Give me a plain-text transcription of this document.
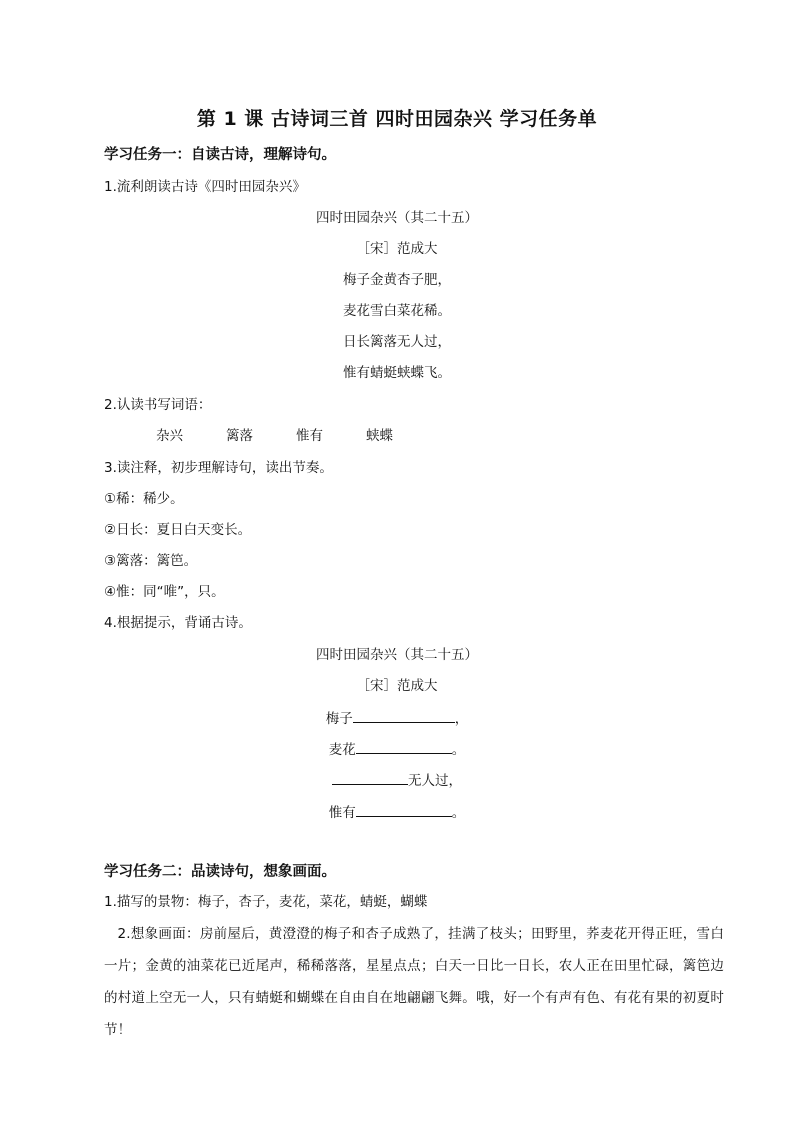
第 1 课 古诗词三首 四时田园杂兴 学习任务单
学习任务一：自读古诗，理解诗句。
1.流利朗读古诗《四时田园杂兴》
四时田园杂兴（其二十五）
［宋］范成大
梅子金黄杏子肥，
麦花雪白菜花稀。
日长篱落无人过，
惟有蜻蜓蛱蝶飞。
2.认读书写词语：
杂兴	篱落	惟有	蛱蝶
3.读注释，初步理解诗句，读出节奏。
①稀：稀少。
②日长：夏日白天变长。
③篱落：篱笆。
④惟：同“唯”，只。
4.根据提示，背诵古诗。
四时田园杂兴（其二十五）
［宋］范成大
梅子	，
麦花	。
无人过，
惟有	。
学习任务二：品读诗句，想象画面。
1.描写的景物：梅子，杏子，麦花，菜花，蜻蜓，蝴蝶
2.想象画面：房前屋后，黄澄澄的梅子和杏子成熟了，挂满了枝头；田野里，荞麦花开得正旺，雪白一片；金黄的油菜花已近尾声，稀稀落落，星星点点；白天一日比一日长，农人正在田里忙碌，篱笆边的村道上空无一人，只有蜻蜓和蝴蝶在自由自在地翩翩飞舞。哦，好一个有声有色、有花有果的初夏时节！
